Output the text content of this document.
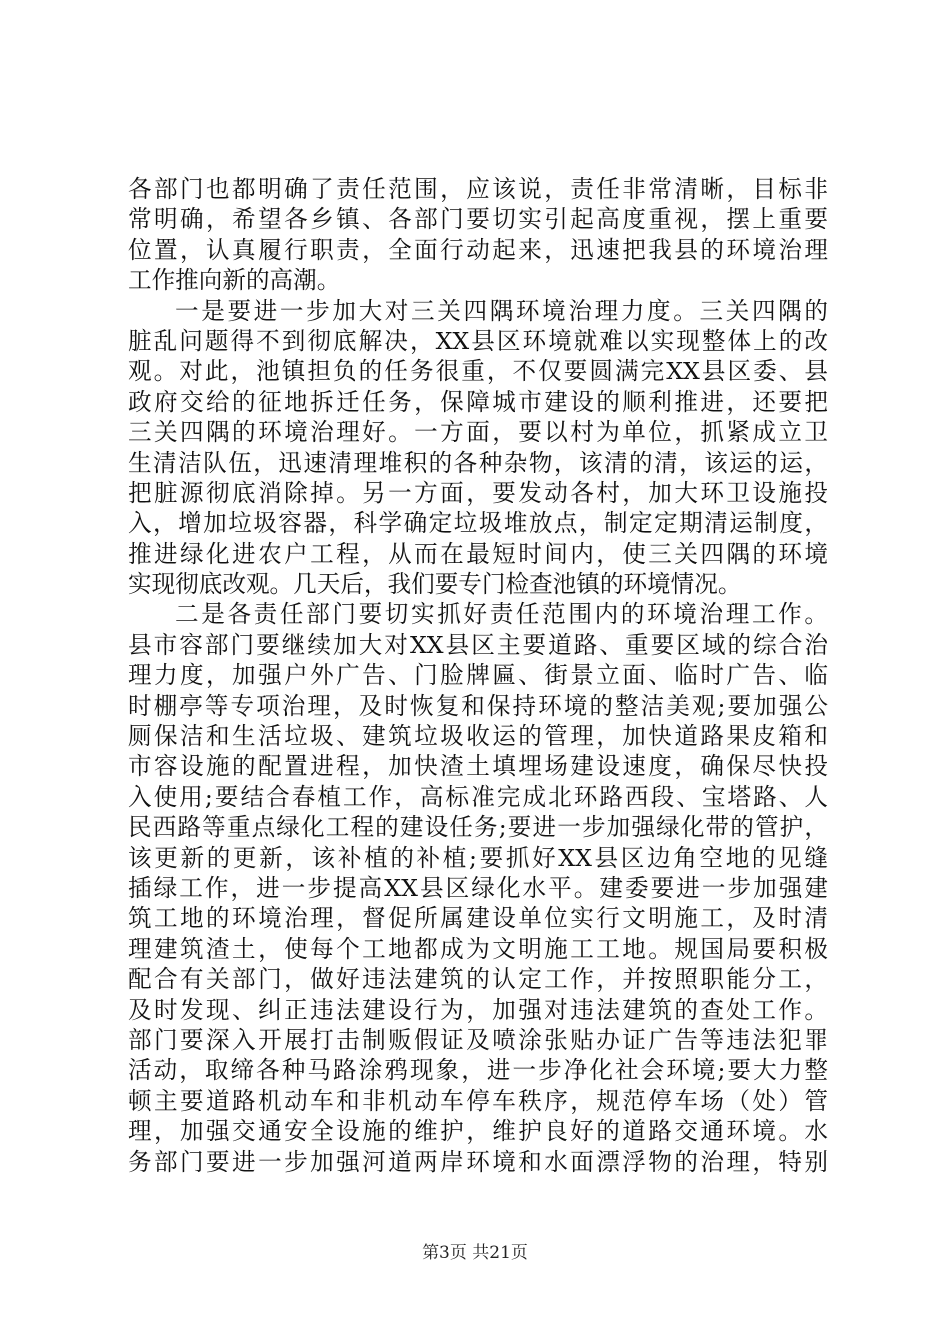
各部门也都明确了责任范围，应该说，责任非常清晰，目标非
常明确，希望各乡镇、各部门要切实引起高度重视，摆上重要
位置，认真履行职责，全面行动起来，迅速把我县的环境治理
工作推向新的高潮。
一是要进一步加大对三关四隅环境治理力度。三关四隅的
脏乱问题得不到彻底解决，XX县区环境就难以实现整体上的改
观。对此，池镇担负的任务很重，不仅要圆满完XX县区委、县
政府交给的征地拆迁任务，保障城市建设的顺利推进，还要把
三关四隅的环境治理好。一方面，要以村为单位，抓紧成立卫
生清洁队伍，迅速清理堆积的各种杂物，该清的清，该运的运，
把脏源彻底消除掉。另一方面，要发动各村，加大环卫设施投
入，增加垃圾容器，科学确定垃圾堆放点，制定定期清运制度，
推进绿化进农户工程，从而在最短时间内，使三关四隅的环境
实现彻底改观。几天后，我们要专门检查池镇的环境情况。
二是各责任部门要切实抓好责任范围内的环境治理工作。
县市容部门要继续加大对XX县区主要道路、重要区域的综合治
理力度，加强户外广告、门脸牌匾、街景立面、临时广告、临
时棚亭等专项治理，及时恢复和保持环境的整洁美观;要加强公
厕保洁和生活垃圾、建筑垃圾收运的管理，加快道路果皮箱和
市容设施的配置进程，加快渣土填埋场建设速度，确保尽快投
入使用;要结合春植工作，高标准完成北环路西段、宝塔路、人
民西路等重点绿化工程的建设任务;要进一步加强绿化带的管护，
该更新的更新，该补植的补植;要抓好XX县区边角空地的见缝
插绿工作，进一步提高XX县区绿化水平。建委要进一步加强建
筑工地的环境治理，督促所属建设单位实行文明施工，及时清
理建筑渣土，使每个工地都成为文明施工工地。规国局要积极
配合有关部门，做好违法建筑的认定工作，并按照职能分工，
及时发现、纠正违法建设行为，加强对违法建筑的查处工作。
部门要深入开展打击制贩假证及喷涂张贴办证广告等违法犯罪
活动，取缔各种马路涂鸦现象，进一步净化社会环境;要大力整
顿主要道路机动车和非机动车停车秩序，规范停车场（处）管
理，加强交通安全设施的维护，维护良好的道路交通环境。水
务部门要进一步加强河道两岸环境和水面漂浮物的治理，特别
第3页 共21页
